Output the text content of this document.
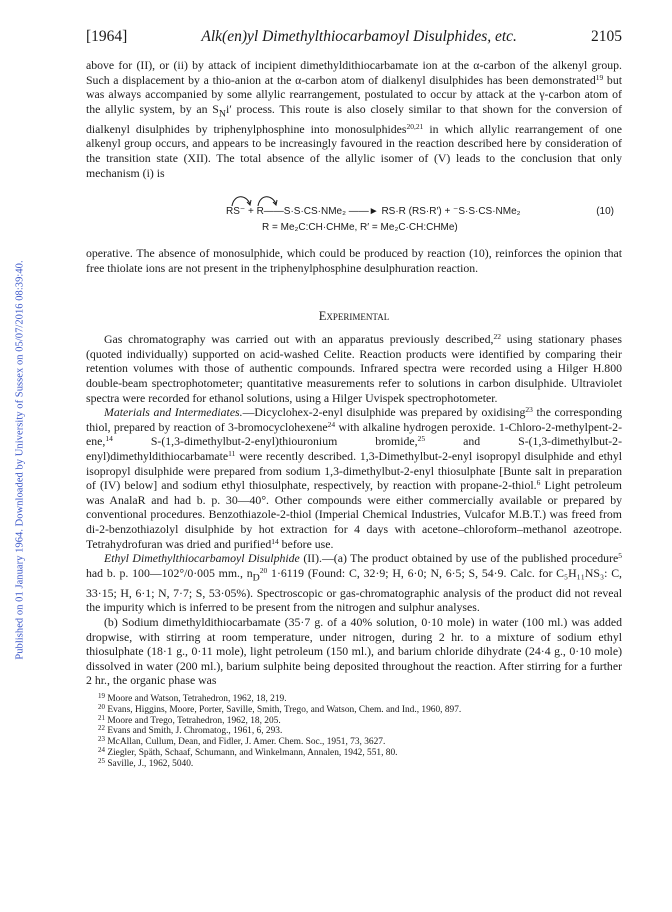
Published on 01 January 1964. Downloaded by University of Sussex on 05/07/2016 08:39:40.
[1964]	Alk(en)yl Dimethylthiocarbamoyl Disulphides, etc.	2105

above for (II), or (ii) by attack of incipient dimethyldithiocarbamate ion at the α-carbon of the alkenyl group. Such a displacement by a thio-anion at the α-carbon atom of dialkenyl disulphides has been demonstrated$^{19}$ but was always accompanied by some allylic rearrangement, postulated to occur by attack at the γ-carbon atom of the allylic system, by an $S_Ni'$ process. This route is also closely similar to that shown for the conversion of dialkenyl disulphides by triphenylphosphine into monosulphides$^{20,21}$ in which allylic rearrangement of one alkenyl group occurs, and appears to be increasingly favoured in the reaction described here by consideration of the transition state (XII). The total absence of the allylic isomer of (V) leads to the conclusion that only mechanism (i) is

RS⁻ + R——S·S·CS·NMe₂ ——► RS·R (RS·R′) + ⁻S·S·CS·NMe₂	(10)
R = Me₂C:CH·CHMe, R′ = Me₂C·CH:CHMe)

operative. The absence of monosulphide, which could be produced by reaction (10), reinforces the opinion that free thiolate ions are not present in the triphenylphosphine desulphuration reaction.

Experimental

Gas chromatography was carried out with an apparatus previously described,$^{22}$ using stationary phases (quoted individually) supported on acid-washed Celite. Reaction products were identified by comparing their retention volumes with those of authentic compounds. Infrared spectra were recorded using a Hilger H.800 double-beam spectrophotometer; quantitative measurements refer to solutions in carbon disulphide. Ultraviolet spectra were recorded for ethanol solutions, using a Hilger Uvispek spectrophotometer.

Materials and Intermediates.—Dicyclohex-2-enyl disulphide was prepared by oxidising$^{23}$ the corresponding thiol, prepared by reaction of 3-bromocyclohexene$^{24}$ with alkaline hydrogen peroxide. 1-Chloro-2-methylpent-2-ene,$^{14}$ S-(1,3-dimethylbut-2-enyl)thiouronium bromide,$^{25}$ and S-(1,3-dimethylbut-2-enyl)dimethyldithiocarbamate$^{11}$ were recently described. 1,3-Dimethylbut-2-enyl isopropyl disulphide and ethyl isopropyl disulphide were prepared from sodium 1,3-dimethylbut-2-enyl thiosulphate [Bunte salt in preparation of (IV) below] and sodium ethyl thiosulphate, respectively, by reaction with propane-2-thiol.$^6$ Light petroleum was AnalaR and had b. p. 30—40°. Other compounds were either commercially available or prepared by conventional procedures. Benzothiazole-2-thiol (Imperial Chemical Industries, Vulcafor M.B.T.) was freed from di-2-benzothiazolyl disulphide by hot extraction for 4 days with acetone–chloroform–methanol azeotrope. Tetrahydrofuran was dried and purified$^{14}$ before use.

Ethyl Dimethylthiocarbamoyl Disulphide (II).—(a) The product obtained by use of the published procedure$^5$ had b. p. 100—102°/0·005 mm., $n_D^{20}$ 1·6119 (Found: C, 32·9; H, 6·0; N, 6·5; S, 54·9. Calc. for C₅H₁₁NS₃: C, 33·15; H, 6·1; N, 7·7; S, 53·05%). Spectroscopic or gas-chromatographic analysis of the product did not reveal the impurity which is inferred to be present from the nitrogen and sulphur analyses.

(b) Sodium dimethyldithiocarbamate (35·7 g. of a 40% solution, 0·10 mole) in water (100 ml.) was added dropwise, with stirring at room temperature, under nitrogen, during 2 hr. to a mixture of sodium ethyl thiosulphate (18·1 g., 0·11 mole), light petroleum (150 ml.), and barium chloride dihydrate (24·4 g., 0·10 mole) dissolved in water (200 ml.), barium sulphite being deposited throughout the reaction. After stirring for a further 2 hr., the organic phase was

$^{19}$ Moore and Watson, Tetrahedron, 1962, 18, 219.
$^{20}$ Evans, Higgins, Moore, Porter, Saville, Smith, Trego, and Watson, Chem. and Ind., 1960, 897.
$^{21}$ Moore and Trego, Tetrahedron, 1962, 18, 205.
$^{22}$ Evans and Smith, J. Chromatog., 1961, 6, 293.
$^{23}$ McAllan, Cullum, Dean, and Fidler, J. Amer. Chem. Soc., 1951, 73, 3627.
$^{24}$ Ziegler, Späth, Schaaf, Schumann, and Winkelmann, Annalen, 1942, 551, 80.
$^{25}$ Saville, J., 1962, 5040.
